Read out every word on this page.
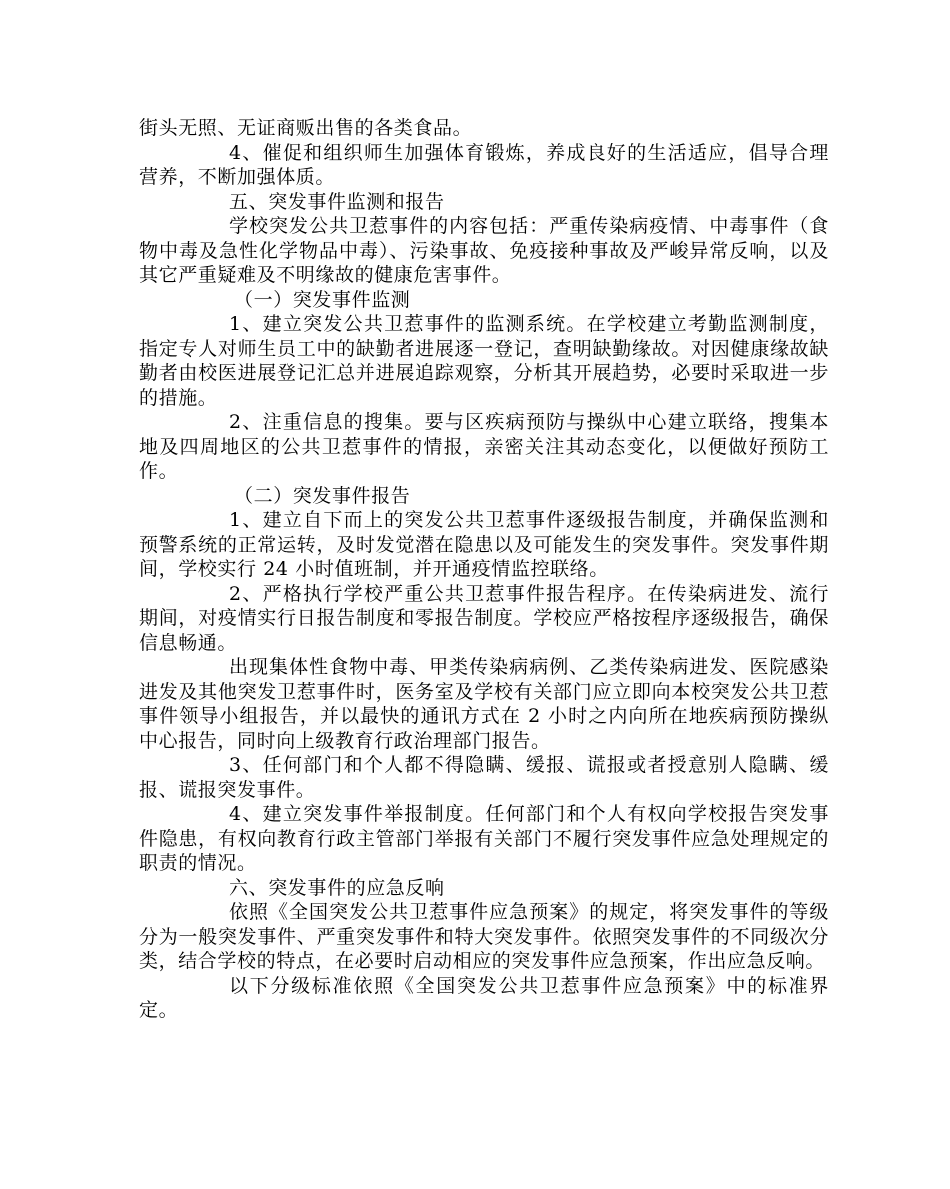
街头无照、无证商贩出售的各类食品。

4、催促和组织师生加强体育锻炼，养成良好的生活适应，倡导合理营养，不断加强体质。

五、突发事件监测和报告

学校突发公共卫惹事件的内容包括：严重传染病疫情、中毒事件（食物中毒及急性化学物品中毒）、污染事故、免疫接种事故及严峻异常反响，以及其它严重疑难及不明缘故的健康危害事件。

（一）突发事件监测

1、建立突发公共卫惹事件的监测系统。在学校建立考勤监测制度，指定专人对师生员工中的缺勤者进展逐一登记，查明缺勤缘故。对因健康缘故缺勤者由校医进展登记汇总并进展追踪观察，分析其开展趋势，必要时采取进一步的措施。

2、注重信息的搜集。要与区疾病预防与操纵中心建立联络，搜集本地及四周地区的公共卫惹事件的情报，亲密关注其动态变化，以便做好预防工作。

（二）突发事件报告

1、建立自下而上的突发公共卫惹事件逐级报告制度，并确保监测和预警系统的正常运转，及时发觉潜在隐患以及可能发生的突发事件。突发事件期间，学校实行 24 小时值班制，并开通疫情监控联络。

2、严格执行学校严重公共卫惹事件报告程序。在传染病进发、流行期间，对疫情实行日报告制度和零报告制度。学校应严格按程序逐级报告，确保信息畅通。

出现集体性食物中毒、甲类传染病病例、乙类传染病进发、医院感染进发及其他突发卫惹事件时，医务室及学校有关部门应立即向本校突发公共卫惹事件领导小组报告，并以最快的通讯方式在 2 小时之内向所在地疾病预防操纵中心报告，同时向上级教育行政治理部门报告。

3、任何部门和个人都不得隐瞒、缓报、谎报或者授意别人隐瞒、缓报、谎报突发事件。

4、建立突发事件举报制度。任何部门和个人有权向学校报告突发事件隐患，有权向教育行政主管部门举报有关部门不履行突发事件应急处理规定的职责的情况。

六、突发事件的应急反响

依照《全国突发公共卫惹事件应急预案》的规定，将突发事件的等级分为一般突发事件、严重突发事件和特大突发事件。依照突发事件的不同级次分类，结合学校的特点，在必要时启动相应的突发事件应急预案，作出应急反响。

以下分级标准依照《全国突发公共卫惹事件应急预案》中的标准界定。
